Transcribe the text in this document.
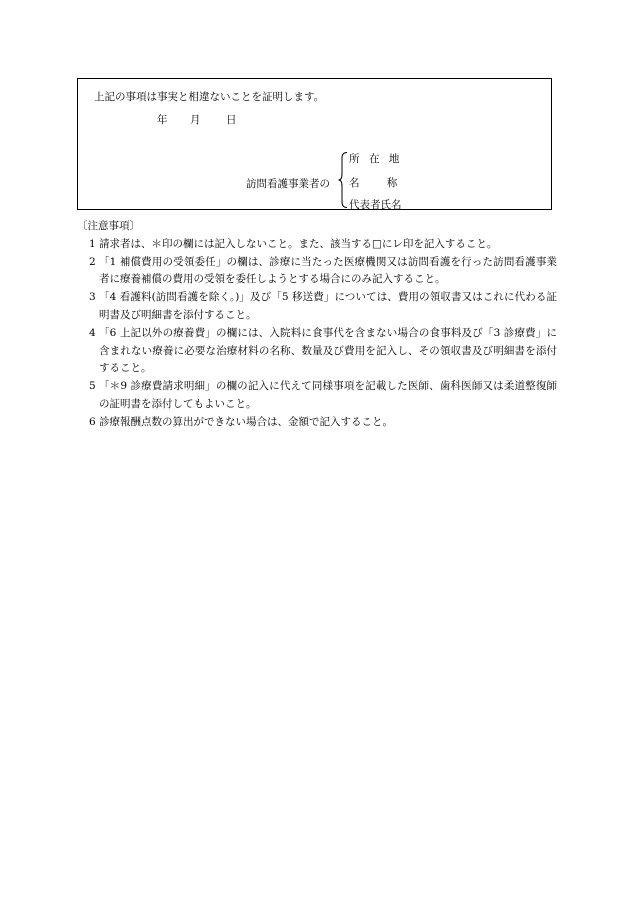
上記の事項は事実と相違ないことを証明します。
年 月 日
訪問看護事業者の
所在地
名称
代表者氏名
〔注意事項〕
1 請求者は、＊印の欄には記入しないこと。また、該当する□にレ印を記入すること。
2 「1 補償費用の受領委任」の欄は、診療に当たった医療機関又は訪問看護を行った訪問看護事業者に療養補償の費用の受領を委任しようとする場合にのみ記入すること。
3 「4 看護料(訪問看護を除く。)」及び「5 移送費」については、費用の領収書又はこれに代わる証明書及び明細書を添付すること。
4 「6 上記以外の療養費」の欄には、入院料に食事代を含まない場合の食事料及び「3 診療費」に含まれない療養に必要な治療材料の名称、数量及び費用を記入し、その領収書及び明細書を添付すること。
5 「＊9 診療費請求明細」の欄の記入に代えて同様事項を記載した医師、歯科医師又は柔道整復師の証明書を添付してもよいこと。
6 診療報酬点数の算出ができない場合は、金額で記入すること。
